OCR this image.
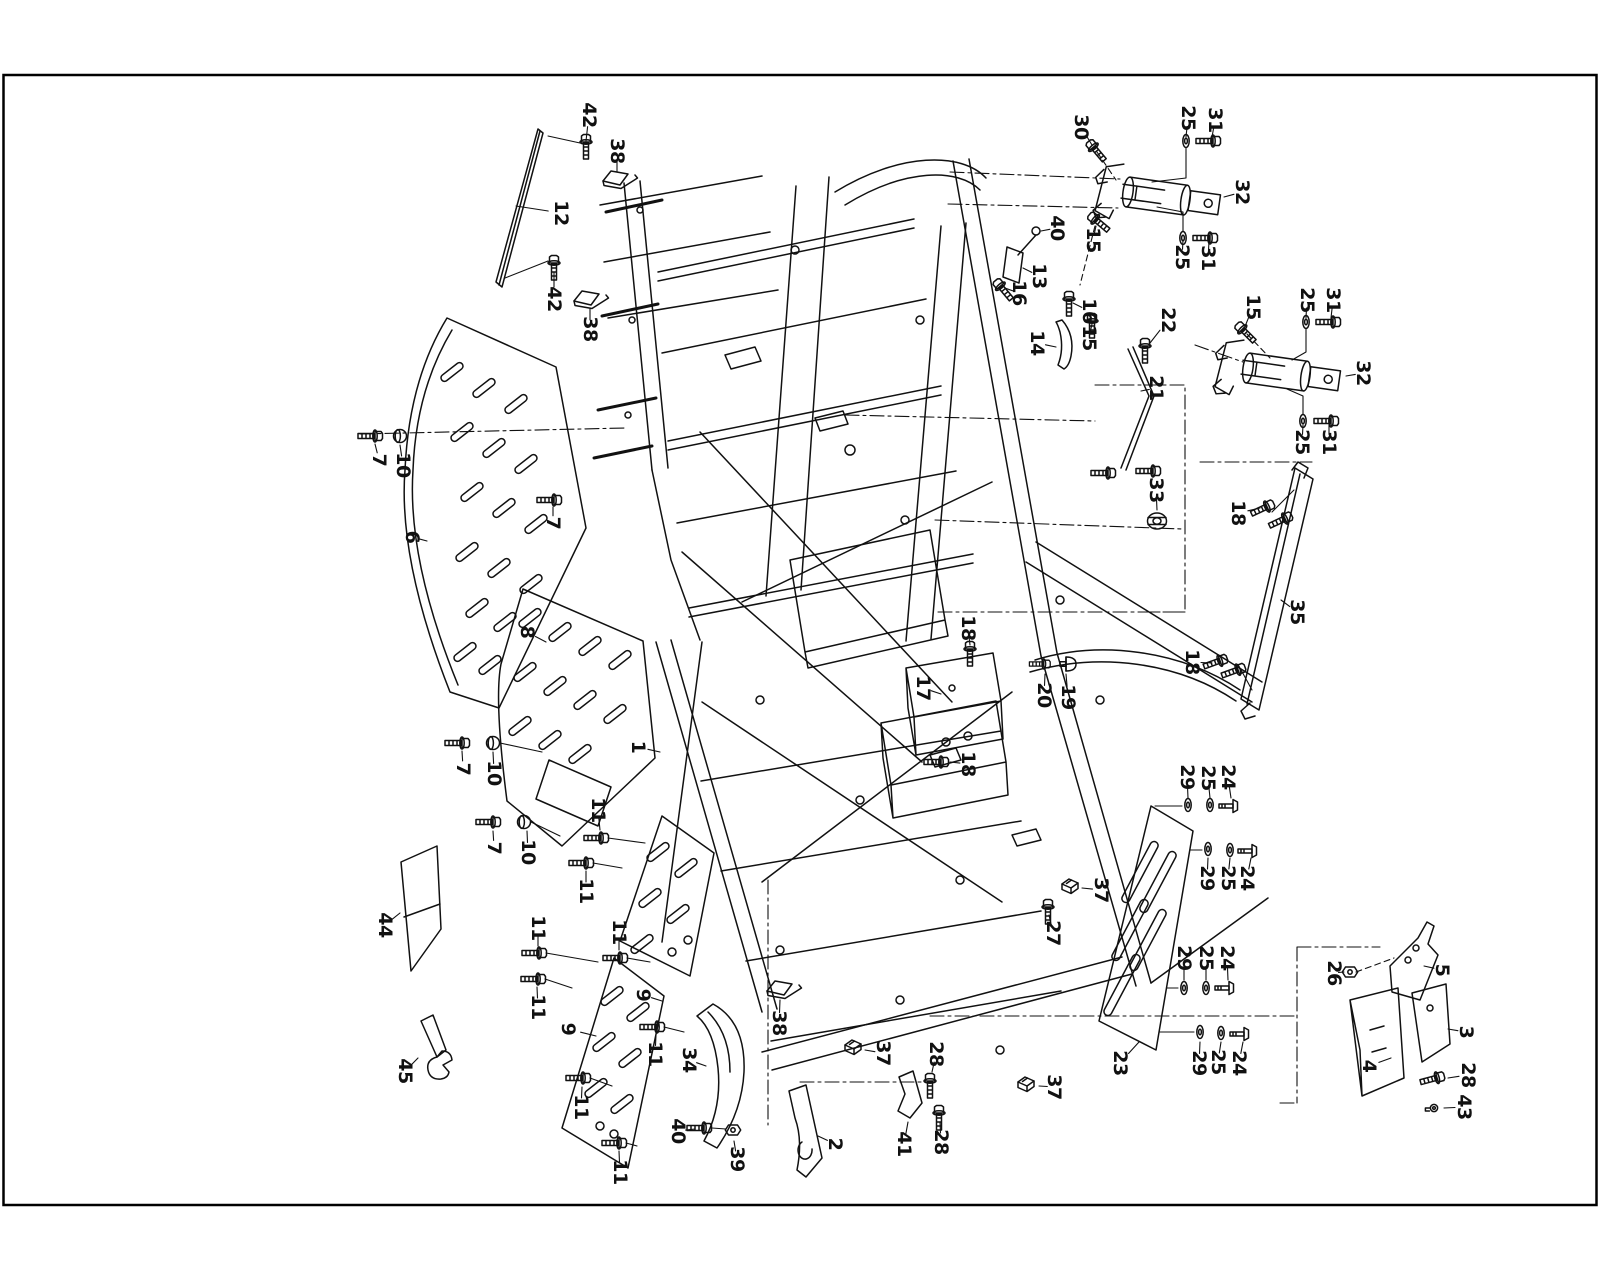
42
38
12
42
38
30	25 31
32
40 15
13
16
25 31
16
15
14
22
15 25 31
21
32
25 31
33
18
35
18
7 10
6
7
8	18
17	20 19
18
29 25
24
29 25
24
29 25 24
29
25 24
7 10
1
7 10
11
11
11	11
44
9
11
9
45
11 34
11
40
11
39
2 41 28
38
37 28
37
37
27
23
26	5
3
4	28
43
